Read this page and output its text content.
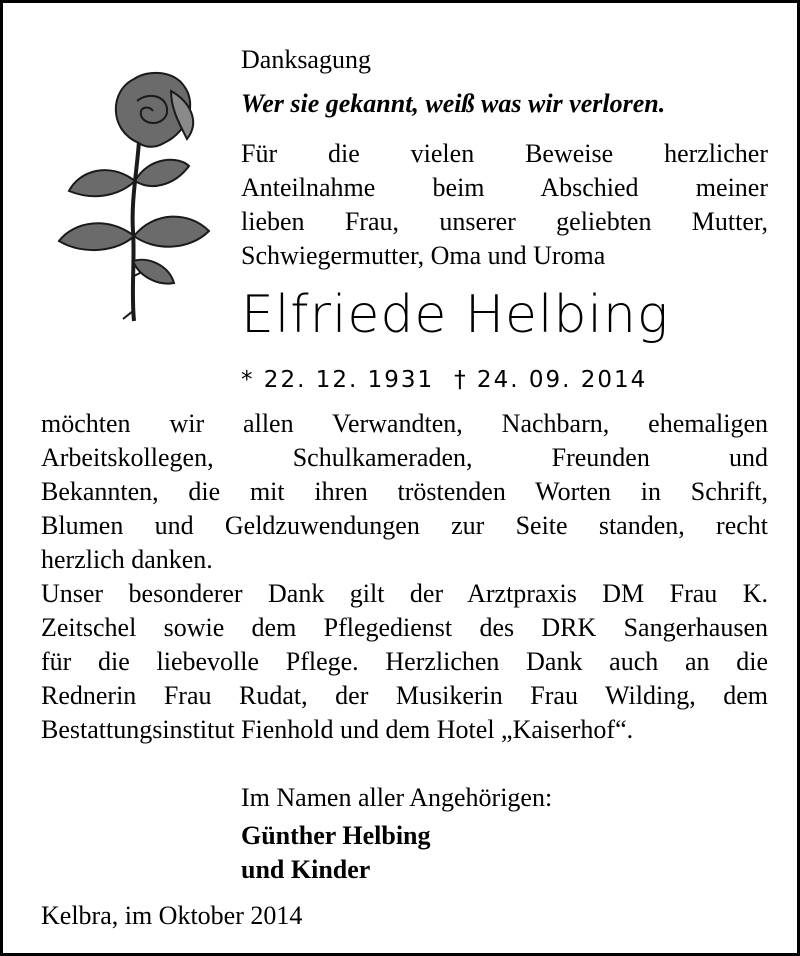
Danksagung

Wer sie gekannt, weiß was wir verloren.

Für die vielen Beweise herzlicher
Anteilnahme beim Abschied meiner
lieben Frau, unserer geliebten Mutter,
Schwiegermutter, Oma und Uroma
Elfriede Helbing
* 22. 12. 1931 † 24. 09. 2014
möchten wir allen Verwandten, Nachbarn, ehemaligen
Arbeitskollegen, Schulkameraden, Freunden und
Bekannten, die mit ihren tröstenden Worten in Schrift,
Blumen und Geldzuwendungen zur Seite standen, recht
herzlich danken.
Unser besonderer Dank gilt der Arztpraxis DM Frau K.
Zeitschel sowie dem Pflegedienst des DRK Sangerhausen
für die liebevolle Pflege. Herzlichen Dank auch an die
Rednerin Frau Rudat, der Musikerin Frau Wilding, dem
Bestattungsinstitut Fienhold und dem Hotel „Kaiserhof“.
Im Namen aller Angehörigen:
Günther Helbing
und Kinder
Kelbra, im Oktober 2014
